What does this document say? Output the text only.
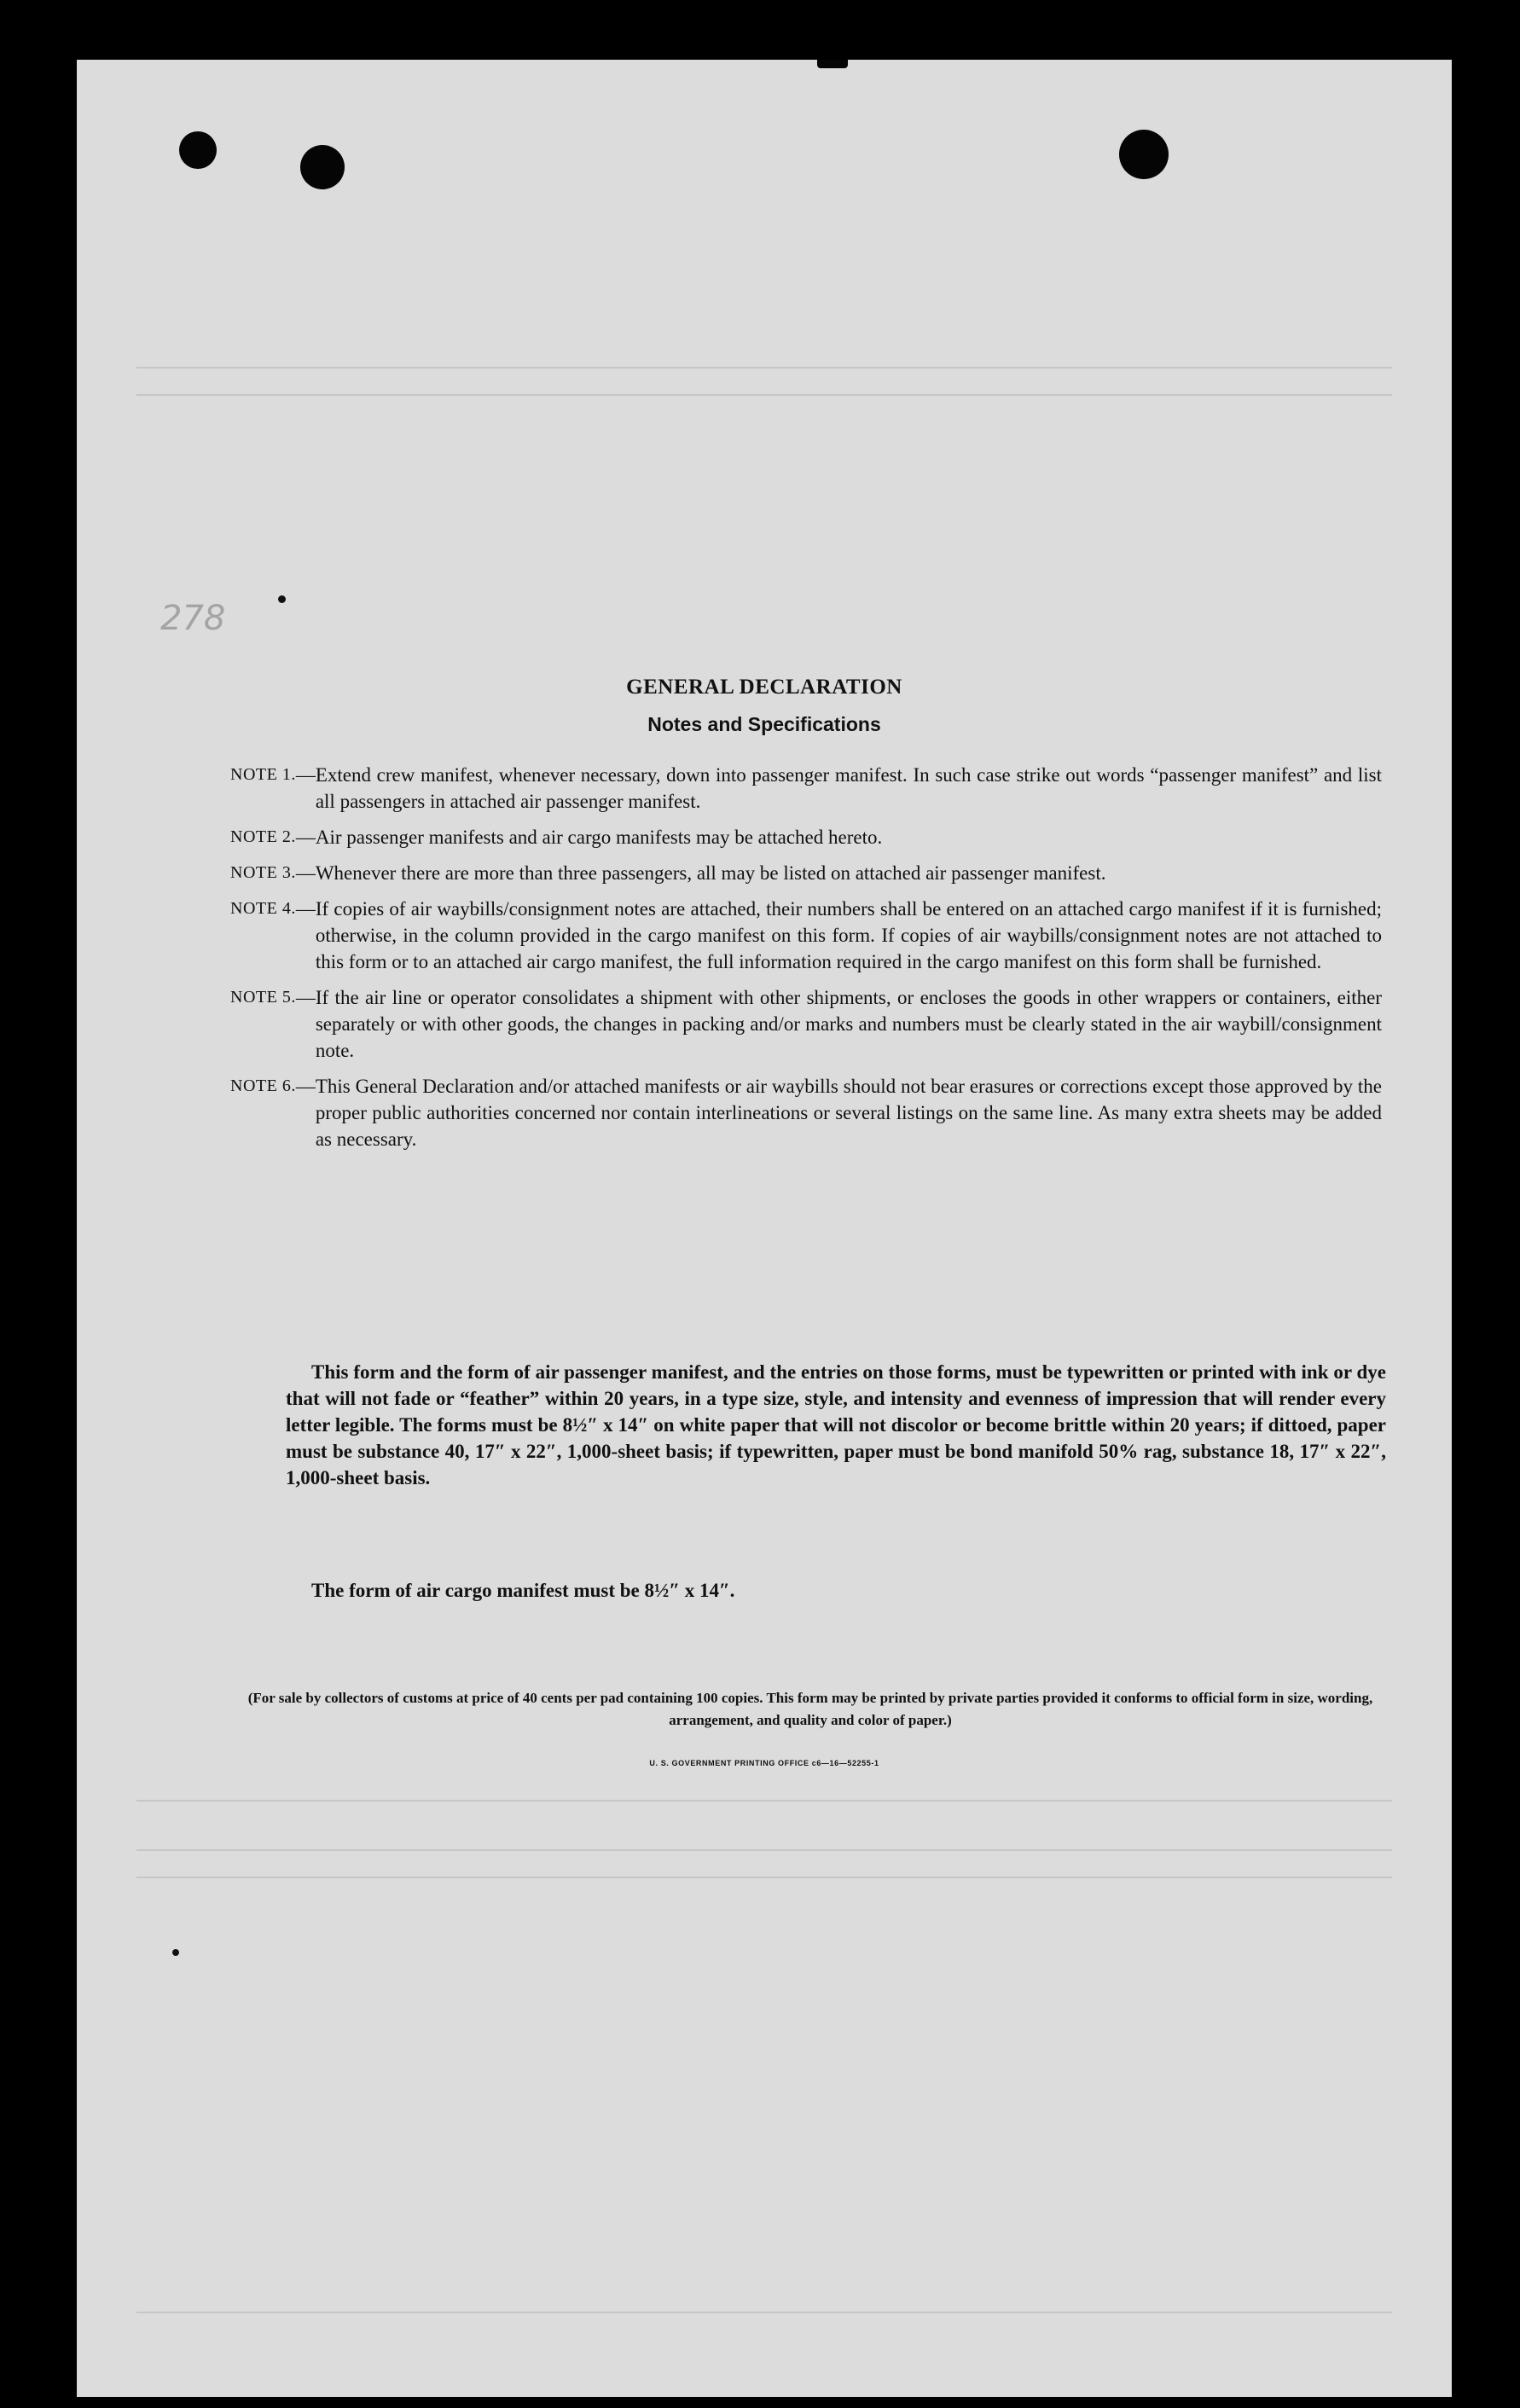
278
GENERAL DECLARATION
Notes and Specifications
NOTE 1. — Extend crew manifest, whenever necessary, down into passenger manifest. In such case strike out words “passenger manifest” and list all passengers in attached air passenger manifest.
NOTE 2. — Air passenger manifests and air cargo manifests may be attached hereto.
NOTE 3. — Whenever there are more than three passengers, all may be listed on attached air passenger manifest.
NOTE 4. — If copies of air waybills/consignment notes are attached, their numbers shall be entered on an attached cargo manifest if it is furnished; otherwise, in the column provided in the cargo manifest on this form. If copies of air waybills/consignment notes are not attached to this form or to an attached air cargo manifest, the full information required in the cargo manifest on this form shall be furnished.
NOTE 5. — If the air line or operator consolidates a shipment with other shipments, or encloses the goods in other wrappers or containers, either separately or with other goods, the changes in packing and/or marks and numbers must be clearly stated in the air waybill/consignment note.
NOTE 6. — This General Declaration and/or attached manifests or air waybills should not bear erasures or corrections except those approved by the proper public authorities concerned nor contain interlineations or several listings on the same line. As many extra sheets may be added as necessary.
This form and the form of air passenger manifest, and the entries on those forms, must be typewritten or printed with ink or dye that will not fade or “feather” within 20 years, in a type size, style, and intensity and evenness of impression that will render every letter legible. The forms must be 8½″ x 14″ on white paper that will not discolor or become brittle within 20 years; if dittoed, paper must be substance 40, 17″ x 22″, 1,000-sheet basis; if typewritten, paper must be bond manifold 50% rag, substance 18, 17″ x 22″, 1,000-sheet basis.
The form of air cargo manifest must be 8½″ x 14″.
(For sale by collectors of customs at price of 40 cents per pad containing 100 copies. This form may be printed by private parties provided it conforms to official form in size, wording, arrangement, and quality and color of paper.)
U. S. GOVERNMENT PRINTING OFFICE c6—16—52255-1
